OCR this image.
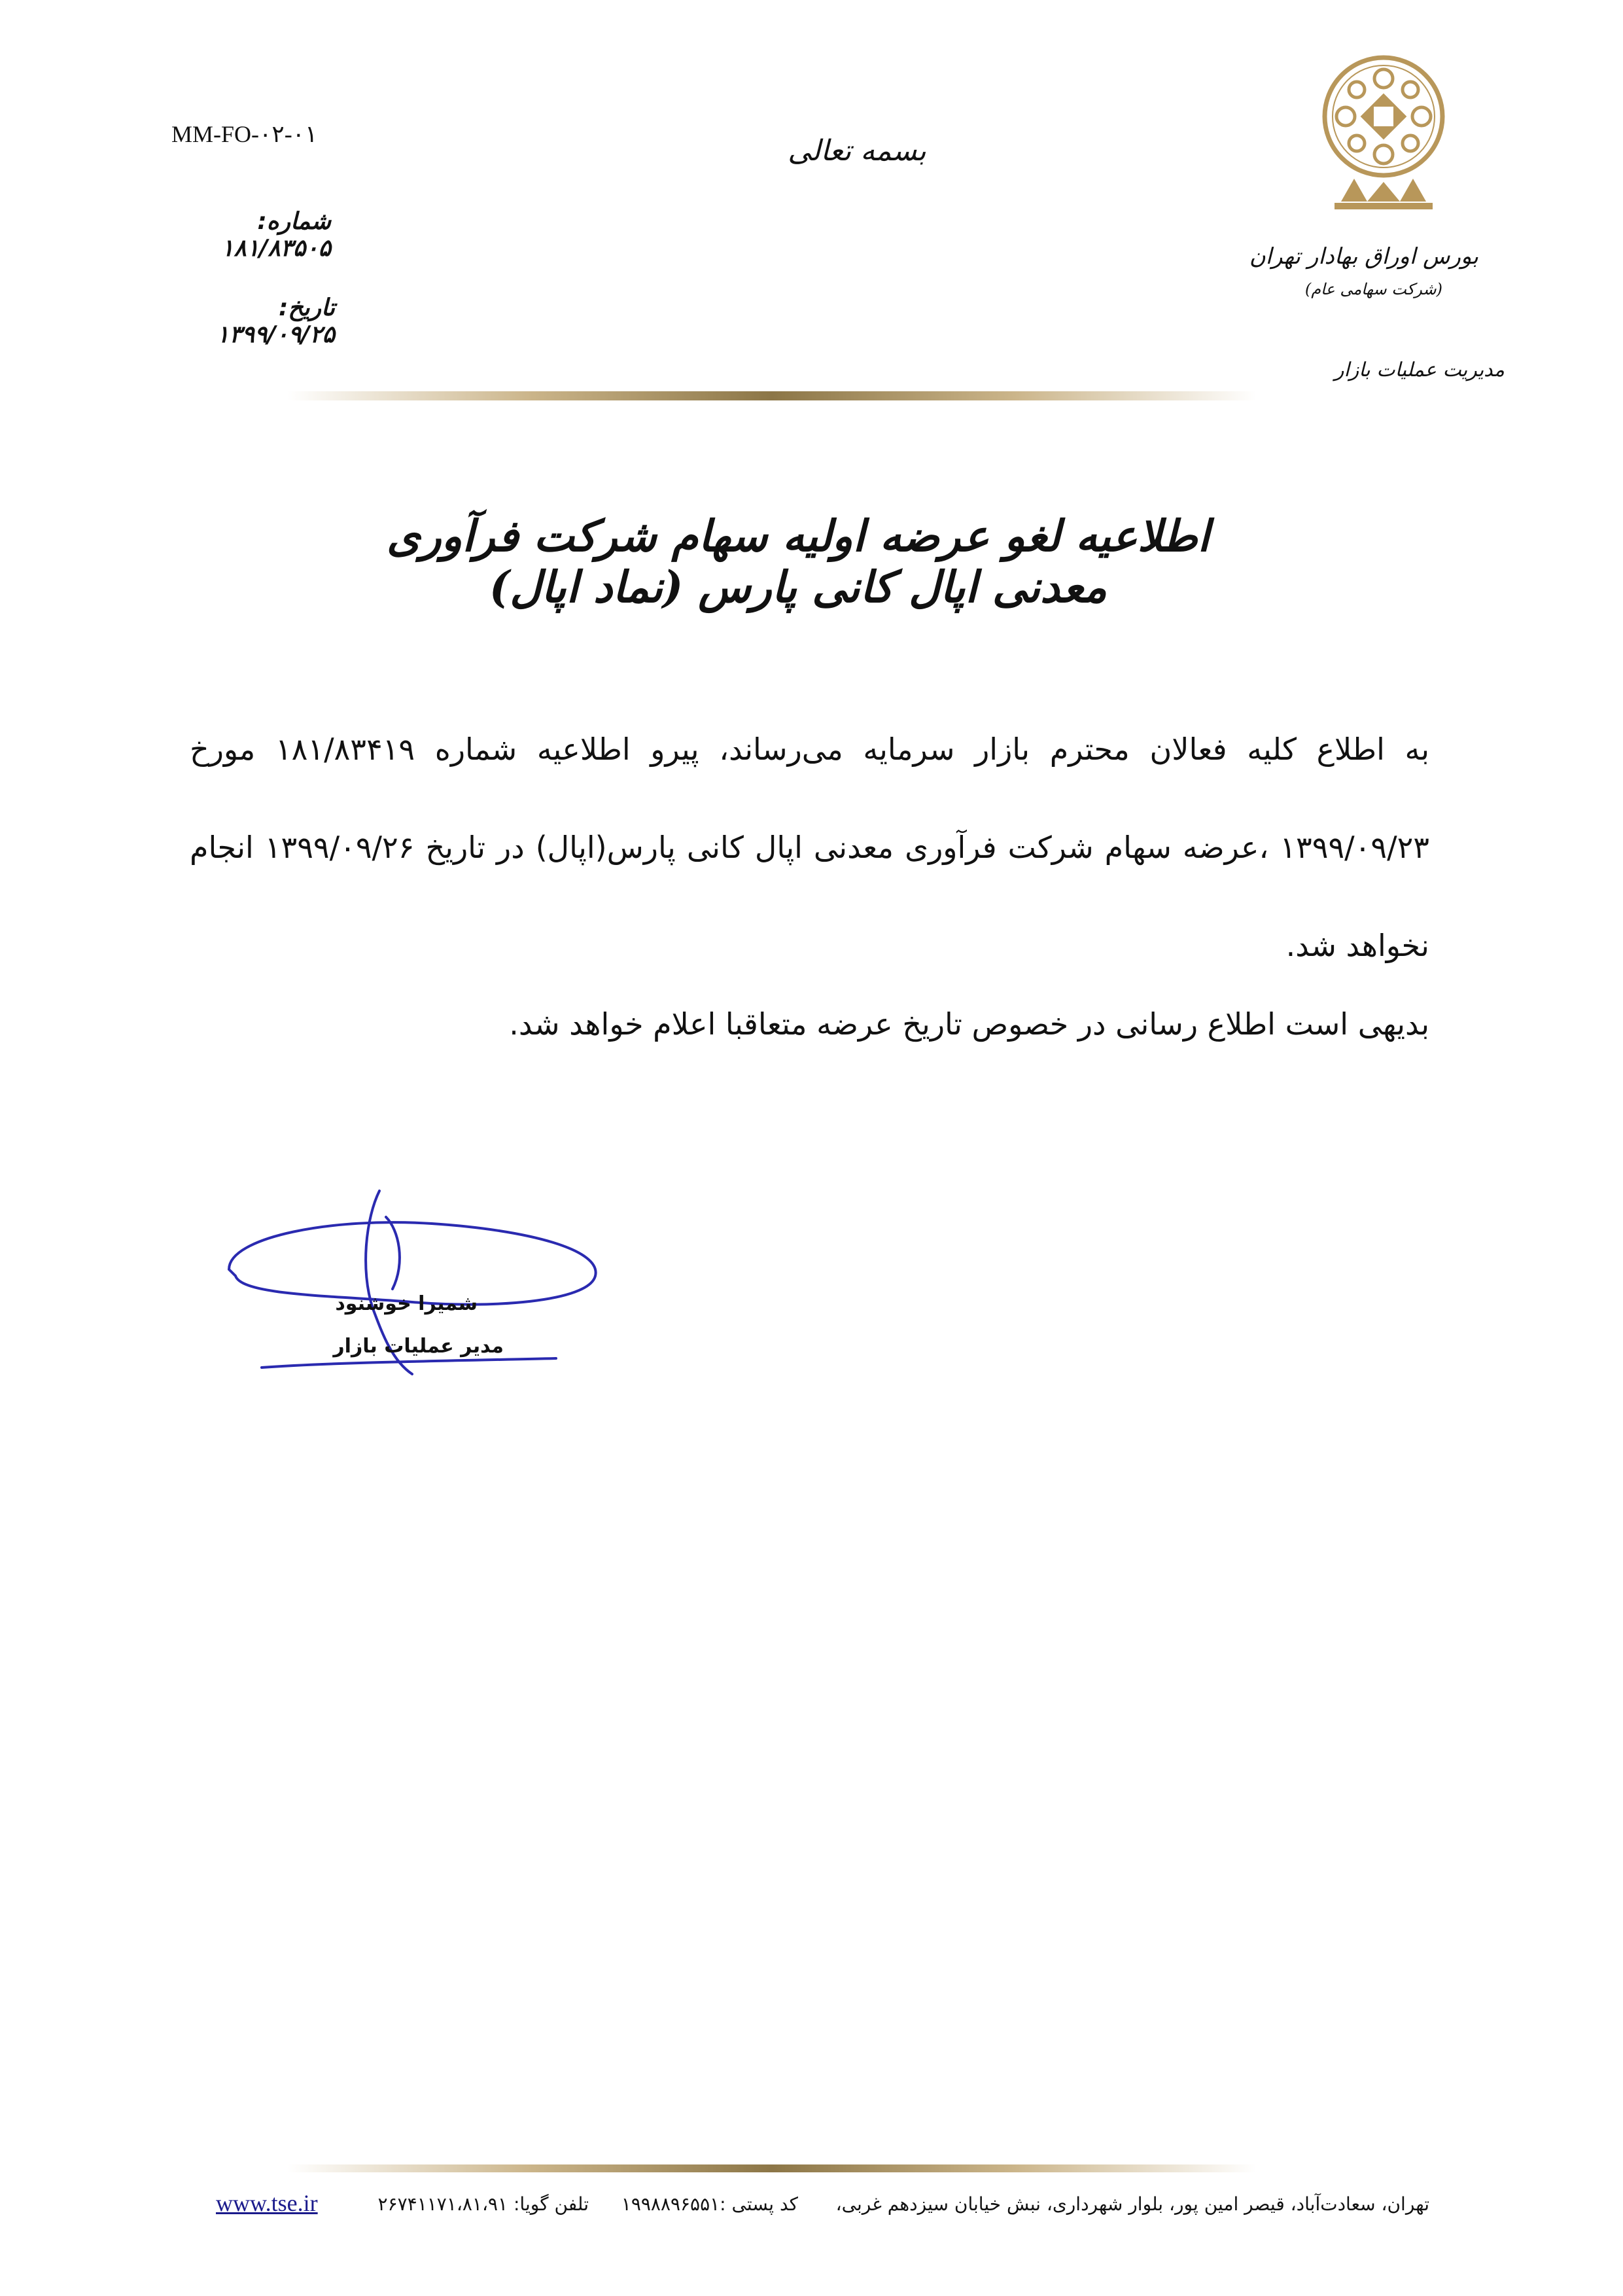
MM-FO-۰۲-۰۱
شماره: ۱۸۱/۸۳۵۰۵
تاریخ: ۱۳۹۹/۰۹/۲۵
بسمه تعالی
بورس اوراق بهادار تهران
(شرکت سهامی عام)
مدیریت عملیات بازار
اطلاعیه لغو عرضه اولیه سهام شرکت فرآوری معدنی اپال کانی پارس (نماد اپال)
به اطلاع کلیه فعالان محترم بازار سرمایه می‌رساند، پیرو اطلاعیه شماره ۱۸۱/۸۳۴۱۹ مورخ ۱۳۹۹/۰۹/۲۳ ،عرضه سهام شرکت فرآوری معدنی اپال کانی پارس(اپال) در تاریخ ۱۳۹۹/۰۹/۲۶ انجام نخواهد شد.
بدیهی است اطلاع رسانی در خصوص تاریخ عرضه متعاقبا اعلام خواهد شد.
شمیرا خوشنود
مدیر عملیات بازار
تهران، سعادت‌آباد، قیصر امین پور، بلوار شهرداری، نبش خیابان سیزدهم غربی،
کد پستی :۱۹۹۸۸۹۶۵۵۱
تلفن گویا: ۲۶۷۴۱۱۷۱،۸۱،۹۱
www.tse.ir
